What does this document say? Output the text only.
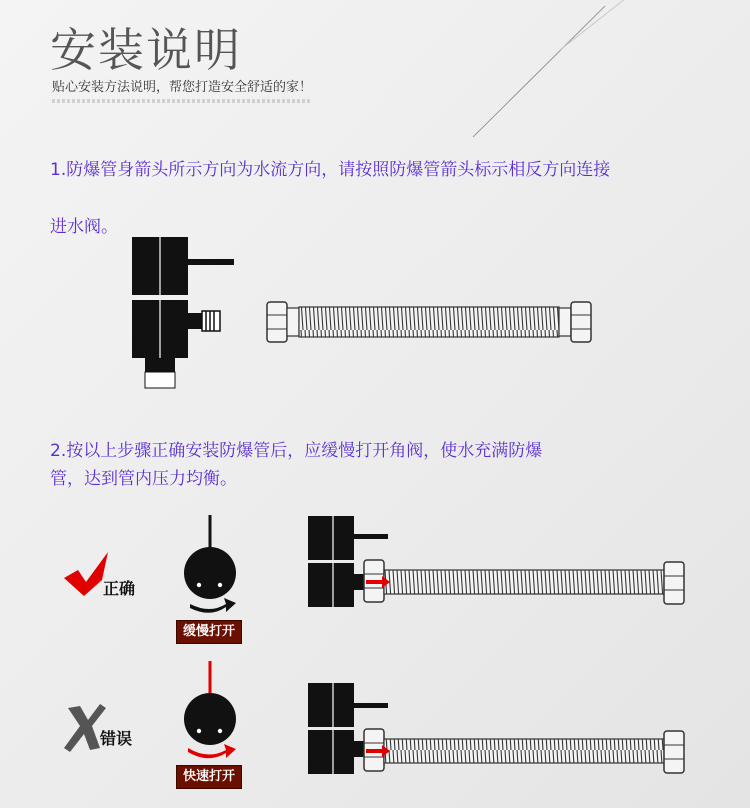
安装说明
贴心安装方法说明，帮您打造安全舒适的家！
1.防爆管身箭头所示方向为水流方向，请按照防爆管箭头标示相反方向连接
进水阀。
2.按以上步骤正确安装防爆管后，应缓慢打开角阀，使水充满防爆
管，达到管内压力均衡。
正确
缓慢打开
错误
快速打开
